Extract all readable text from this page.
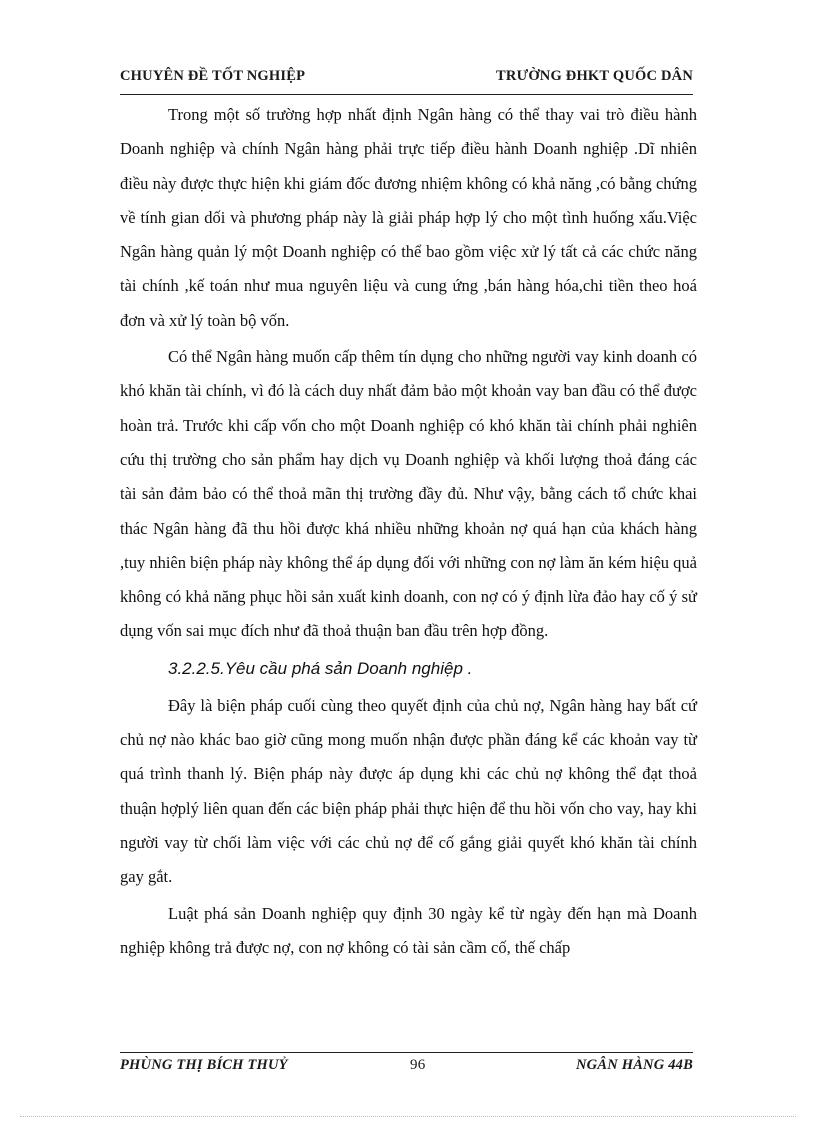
CHUYÊN ĐỀ TỐT NGHIỆP	TRƯỜNG ĐHKT QUỐC DÂN

Trong một số trường hợp nhất định Ngân hàng có thể thay vai trò điều hành Doanh nghiệp và chính Ngân hàng phải trực tiếp điều hành Doanh nghiệp .Dĩ nhiên điều này được thực hiện khi giám đốc đương nhiệm không có khả năng ,có bằng chứng về tính gian dối và phương pháp này là giải pháp hợp lý cho một tình huống xấu.Việc Ngân hàng quản lý một Doanh nghiệp có thể bao gồm việc xử lý tất cả các chức năng tài chính ,kế toán như mua nguyên liệu và cung ứng ,bán hàng hóa,chi tiền theo hoá đơn và xử lý toàn bộ vốn.

Có thể Ngân hàng muốn cấp thêm tín dụng cho những người vay kinh doanh có khó khăn tài chính, vì đó là cách duy nhất đảm bảo một khoản vay ban đầu có thể được hoàn trả. Trước khi cấp vốn cho một Doanh nghiệp có khó khăn tài chính phải nghiên cứu thị trường cho sản phẩm hay dịch vụ Doanh nghiệp và khối lượng thoả đáng các tài sản đảm bảo có thể thoả mãn thị trường đầy đủ. Như vậy, bằng cách tổ chức khai thác Ngân hàng đã thu hồi được khá nhiều những khoản nợ quá hạn của khách hàng ,tuy nhiên biện pháp này không thể áp dụng đối với những con nợ làm ăn kém hiệu quả không có khả năng phục hồi sản xuất kinh doanh, con nợ có ý định lừa đảo hay cố ý sử dụng vốn sai mục đích như đã thoả thuận ban đầu trên hợp đồng.

3.2.2.5.Yêu cầu phá sản Doanh nghiệp .

Đây là biện pháp cuối cùng theo quyết định của chủ nợ, Ngân hàng hay bất cứ chủ nợ nào khác bao giờ cũng mong muốn nhận được phần đáng kể các khoản vay từ quá trình thanh lý. Biện pháp này được áp dụng khi các chủ nợ không thể đạt thoả thuận hợplý liên quan đến các biện pháp phải thực hiện để thu hồi vốn cho vay, hay khi người vay từ chối làm việc với các chủ nợ để cố gắng giải quyết khó khăn tài chính gay gắt.

Luật phá sản Doanh nghiệp quy định 30 ngày kể từ ngày đến hạn mà Doanh nghiệp không trả được nợ, con nợ không có tài sản cầm cố, thế chấp

PHÙNG THỊ BÍCH THUỶ	96	NGÂN HÀNG 44B
